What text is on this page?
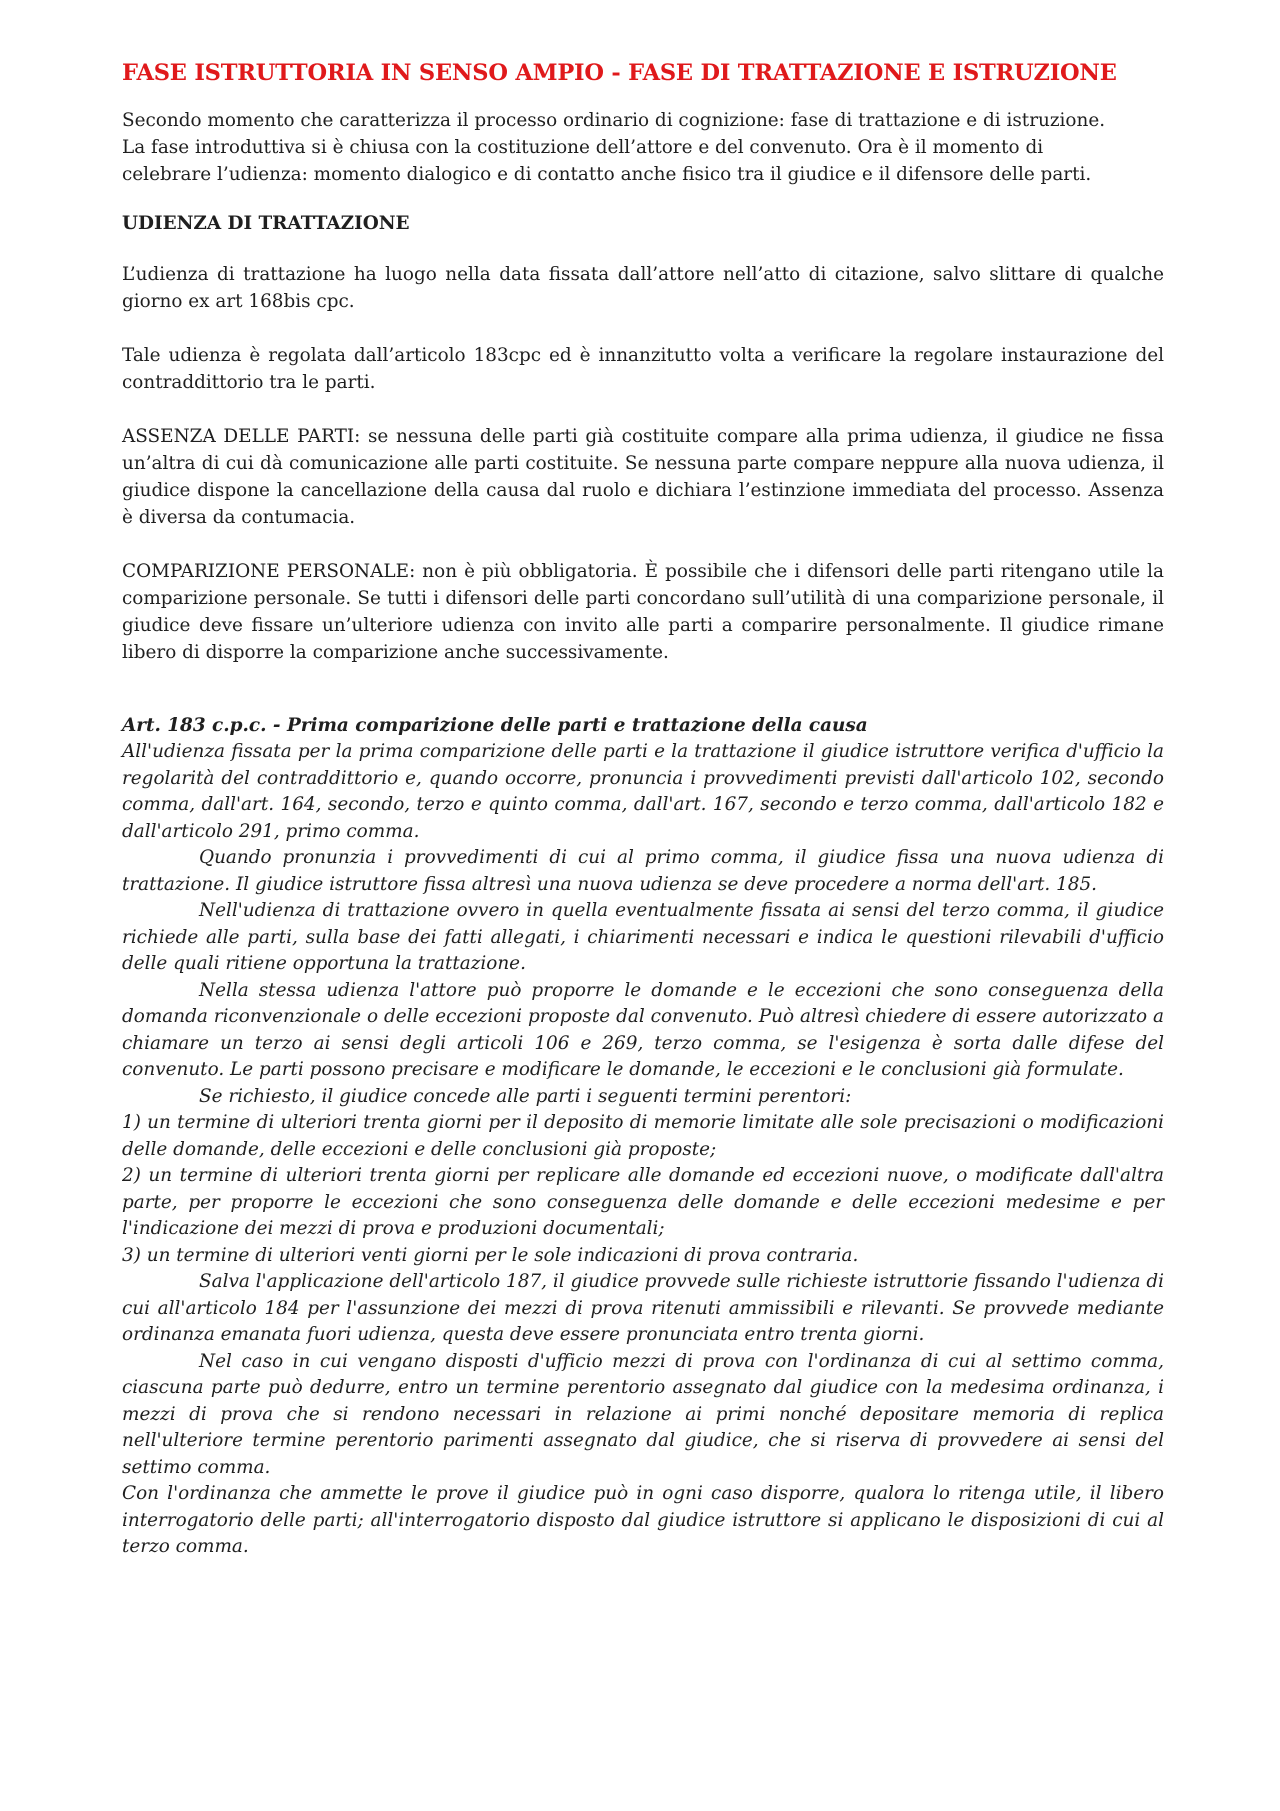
FASE ISTRUTTORIA IN SENSO AMPIO - FASE DI TRATTAZIONE E ISTRUZIONE

Secondo momento che caratterizza il processo ordinario di cognizione: fase di trattazione e di istruzione.

La fase introduttiva si è chiusa con la costituzione dell’attore e del convenuto. Ora è il momento di celebrare l’udienza: momento dialogico e di contatto anche fisico tra il giudice e il difensore delle parti.

UDIENZA DI TRATTAZIONE

L’udienza di trattazione ha luogo nella data fissata dall’attore nell’atto di citazione, salvo slittare di qualche giorno ex art 168bis cpc.

Tale udienza è regolata dall’articolo 183cpc ed è innanzitutto volta a verificare la regolare instaurazione del contraddittorio tra le parti.

ASSENZA DELLE PARTI: se nessuna delle parti già costituite compare alla prima udienza, il giudice ne fissa un’altra di cui dà comunicazione alle parti costituite. Se nessuna parte compare neppure alla nuova udienza, il giudice dispone la cancellazione della causa dal ruolo e dichiara l’estinzione immediata del processo. Assenza è diversa da contumacia.

COMPARIZIONE PERSONALE: non è più obbligatoria. È possibile che i difensori delle parti ritengano utile la comparizione personale. Se tutti i difensori delle parti concordano sull’utilità di una comparizione personale, il giudice deve fissare un’ulteriore udienza con invito alle parti a comparire personalmente. Il giudice rimane libero di disporre la comparizione anche successivamente.

Art. 183 c.p.c. - Prima comparizione delle parti e trattazione della causa

All'udienza fissata per la prima comparizione delle parti e la trattazione il giudice istruttore verifica d'ufficio la regolarità del contraddittorio e, quando occorre, pronuncia i provvedimenti previsti dall'articolo 102, secondo comma, dall'art. 164, secondo, terzo e quinto comma, dall'art. 167, secondo e terzo comma, dall'articolo 182 e dall'articolo 291, primo comma.

Quando pronunzia i provvedimenti di cui al primo comma, il giudice fissa una nuova udienza di trattazione. Il giudice istruttore fissa altresì una nuova udienza se deve procedere a norma dell'art. 185.

Nell'udienza di trattazione ovvero in quella eventualmente fissata ai sensi del terzo comma, il giudice richiede alle parti, sulla base dei fatti allegati, i chiarimenti necessari e indica le questioni rilevabili d'ufficio delle quali ritiene opportuna la trattazione.

Nella stessa udienza l'attore può proporre le domande e le eccezioni che sono conseguenza della domanda riconvenzionale o delle eccezioni proposte dal convenuto. Può altresì chiedere di essere autorizzato a chiamare un terzo ai sensi degli articoli 106 e 269, terzo comma, se l'esigenza è sorta dalle difese del convenuto. Le parti possono precisare e modificare le domande, le eccezioni e le conclusioni già formulate.

Se richiesto, il giudice concede alle parti i seguenti termini perentori:

1) un termine di ulteriori trenta giorni per il deposito di memorie limitate alle sole precisazioni o modificazioni delle domande, delle eccezioni e delle conclusioni già proposte;

2) un termine di ulteriori trenta giorni per replicare alle domande ed eccezioni nuove, o modificate dall'altra parte, per proporre le eccezioni che sono conseguenza delle domande e delle eccezioni medesime e per l'indicazione dei mezzi di prova e produzioni documentali;

3) un termine di ulteriori venti giorni per le sole indicazioni di prova contraria.

Salva l'applicazione dell'articolo 187, il giudice provvede sulle richieste istruttorie fissando l'udienza di cui all'articolo 184 per l'assunzione dei mezzi di prova ritenuti ammissibili e rilevanti. Se provvede mediante ordinanza emanata fuori udienza, questa deve essere pronunciata entro trenta giorni.

Nel caso in cui vengano disposti d'ufficio mezzi di prova con l'ordinanza di cui al settimo comma, ciascuna parte può dedurre, entro un termine perentorio assegnato dal giudice con la medesima ordinanza, i mezzi di prova che si rendono necessari in relazione ai primi nonché depositare memoria di replica nell'ulteriore termine perentorio parimenti assegnato dal giudice, che si riserva di provvedere ai sensi del settimo comma.

Con l'ordinanza che ammette le prove il giudice può in ogni caso disporre, qualora lo ritenga utile, il libero interrogatorio delle parti; all'interrogatorio disposto dal giudice istruttore si applicano le disposizioni di cui al terzo comma.
